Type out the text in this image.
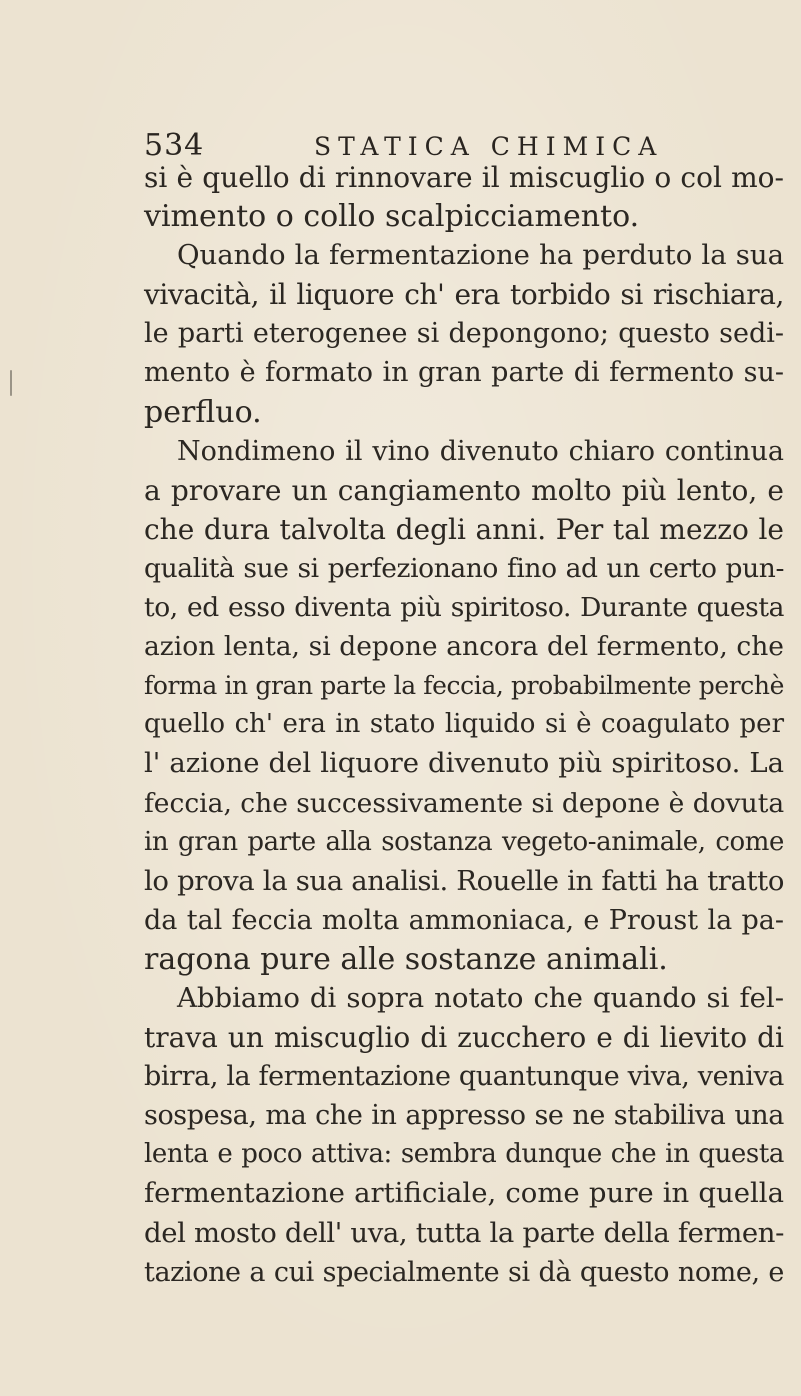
534	STATICA CHIMICA
si è quello di rinnovare il miscuglio o col mo-
vimento o collo scalpicciamento.
Quando la fermentazione ha perduto la sua
vivacità, il liquore ch' era torbido si rischiara,
le parti eterogenee si depongono; questo sedi-
mento è formato in gran parte di fermento su-
perfluo.
Nondimeno il vino divenuto chiaro continua
a provare un cangiamento molto più lento, e
che dura talvolta degli anni. Per tal mezzo le
qualità sue si perfezionano fino ad un certo pun-
to, ed esso diventa più spiritoso. Durante questa
azion lenta, si depone ancora del fermento, che
forma in gran parte la feccia, probabilmente perchè
quello ch' era in stato liquido si è coagulato per
l' azione del liquore divenuto più spiritoso. La
feccia, che successivamente si depone è dovuta
in gran parte alla sostanza vegeto-animale, come
lo prova la sua analisi. Rouelle in fatti ha tratto
da tal feccia molta ammoniaca, e Proust la pa-
ragona pure alle sostanze animali.
Abbiamo di sopra notato che quando si fel-
trava un miscuglio di zucchero e di lievito di
birra, la fermentazione quantunque viva, veniva
sospesa, ma che in appresso se ne stabiliva una
lenta e poco attiva: sembra dunque che in questa
fermentazione artificiale, come pure in quella
del mosto dell' uva, tutta la parte della fermen-
tazione a cui specialmente si dà questo nome, e
